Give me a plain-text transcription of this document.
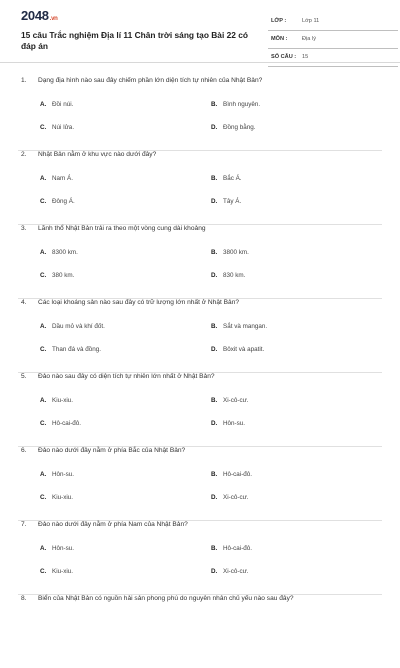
2048.vn
15 câu Trắc nghiệm Địa lí 11 Chân trời sáng tạo Bài 22 có đáp án
LỚP :	Lớp 11
MÔN :	Địa lý
SỐ CÂU : 15
1. Dạng địa hình nào sau đây chiếm phần lớn diện tích tự nhiên của Nhật Bản?
A. Đồi núi.	B. Bình nguyên.
C. Núi lửa.	D. Đồng bằng.
2. Nhật Bản nằm ở khu vực nào dưới đây?
A. Nam Á.	B. Bắc Á.
C. Đông Á.	D. Tây Á.
3. Lãnh thổ Nhật Bản trải ra theo một vòng cung dài khoảng
A. 8300 km.	B. 3800 km.
C. 380 km.	D. 830 km.
4. Các loại khoáng sản nào sau đây có trữ lượng lớn nhất ở Nhật Bản?
A. Dầu mỏ và khí đốt.	B. Sắt và mangan.
C. Than đá và đồng.	D. Bôxit và apatit.
5. Đảo nào sau đây có diện tích tự nhiên lớn nhất ở Nhật Bản?
A. Kiu-xiu.	B. Xi-cô-cư.
C. Hô-cai-đô.	D. Hôn-su.
6. Đảo nào dưới đây nằm ở phía Bắc của Nhật Bản?
A. Hôn-su.	B. Hô-cai-đô.
C. Kiu-xiu.	D. Xi-cô-cư.
7. Đảo nào dưới đây nằm ở phía Nam của Nhật Bản?
A. Hôn-su.	B. Hô-cai-đô.
C. Kiu-xiu.	D. Xi-cô-cư.
8. Biển của Nhật Bản có nguồn hải sản phong phú do nguyên nhân chủ yếu nào sau đây?
